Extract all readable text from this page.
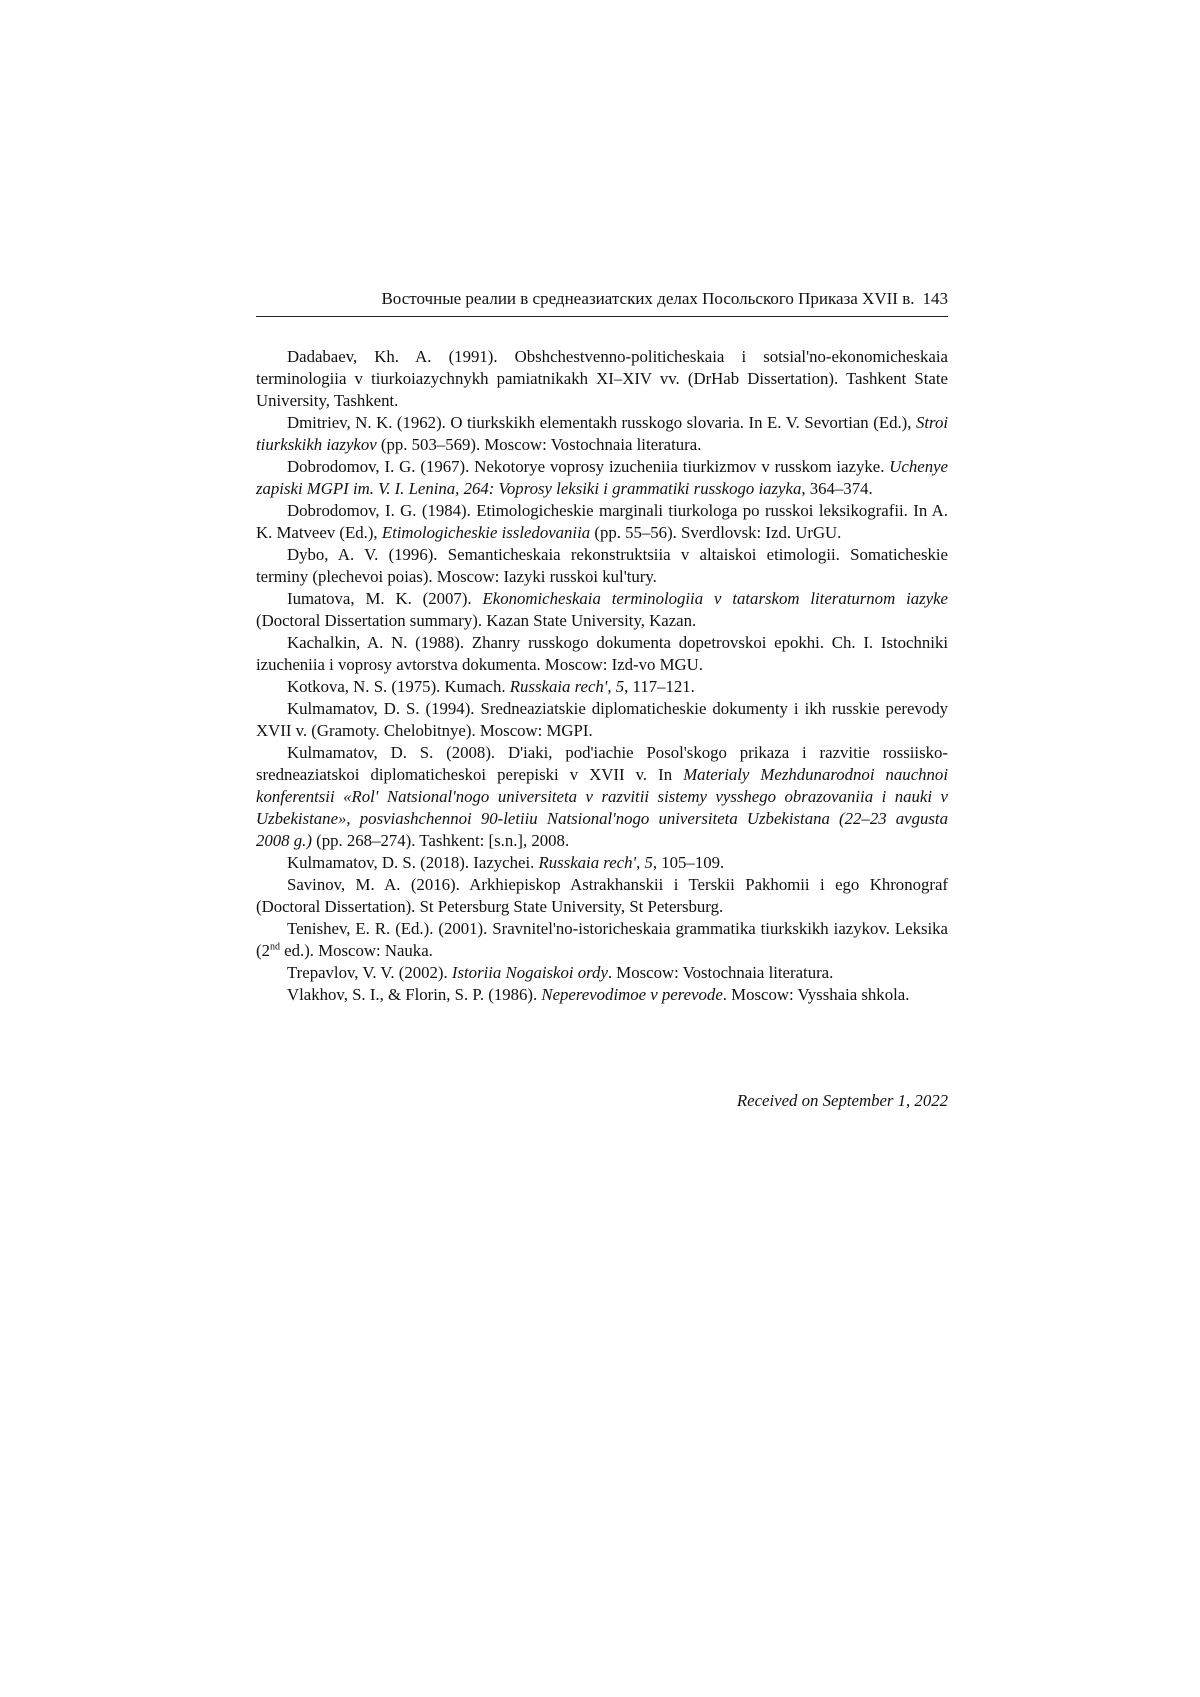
Восточные реалии в среднеазиатских делах Посольского Приказа XVII в. 143

Dadabaev, Kh. A. (1991). Obshchestvenno-politicheskaia i sotsial'no-ekonomicheskaia terminologiia v tiurkoiazychnykh pamiatnikakh XI–XIV vv. (DrHab Dissertation). Tashkent State University, Tashkent.

Dmitriev, N. K. (1962). O tiurkskikh elementakh russkogo slovaria. In E. V. Sevortian (Ed.), Stroi tiurkskikh iazykov (pp. 503–569). Moscow: Vostochnaia literatura.

Dobrodomov, I. G. (1967). Nekotorye voprosy izucheniia tiurkizmov v russkom iazyke. Uchenye zapiski MGPI im. V. I. Lenina, 264: Voprosy leksiki i grammatiki russkogo iazyka, 364–374.

Dobrodomov, I. G. (1984). Etimologicheskie marginali tiurkologa po russkoi leksikografii. In A. K. Matveev (Ed.), Etimologicheskie issledovaniia (pp. 55–56). Sverdlovsk: Izd. UrGU.

Dybo, A. V. (1996). Semanticheskaia rekonstruktsiia v altaiskoi etimologii. Somaticheskie terminy (plechevoi poias). Moscow: Iazyki russkoi kul'tury.

Iumatova, M. K. (2007). Ekonomicheskaia terminologiia v tatarskom literaturnom iazyke (Doctoral Dissertation summary). Kazan State University, Kazan.

Kachalkin, A. N. (1988). Zhanry russkogo dokumenta dopetrovskoi epokhi. Ch. I. Istochniki izucheniia i voprosy avtorstva dokumenta. Moscow: Izd-vo MGU.

Kotkova, N. S. (1975). Kumach. Russkaia rech', 5, 117–121.

Kulmamatov, D. S. (1994). Sredneaziatskie diplomaticheskie dokumenty i ikh russkie perevody XVII v. (Gramoty. Chelobitnye). Moscow: MGPI.

Kulmamatov, D. S. (2008). D'iaki, pod'iachie Posol'skogo prikaza i razvitie rossiisko-sredneaziatskoi diplomaticheskoi perepiski v XVII v. In Materialy Mezhdunarodnoi nauchnoi konferentsii «Rol' Natsional'nogo universiteta v razvitii sistemy vysshego obrazovaniia i nauki v Uzbekistane», posviashchennoi 90-letiiu Natsional'nogo universiteta Uzbekistana (22–23 avgusta 2008 g.) (pp. 268–274). Tashkent: [s.n.], 2008.

Kulmamatov, D. S. (2018). Iazychei. Russkaia rech', 5, 105–109.

Savinov, M. A. (2016). Arkhiepiskop Astrakhanskii i Terskii Pakhomii i ego Khronograf (Doctoral Dissertation). St Petersburg State University, St Petersburg.

Tenishev, E. R. (Ed.). (2001). Sravnitel'no-istoricheskaia grammatika tiurkskikh iazykov. Leksika (2nd ed.). Moscow: Nauka.

Trepavlov, V. V. (2002). Istoriia Nogaiskoi ordy. Moscow: Vostochnaia literatura.

Vlakhov, S. I., & Florin, S. P. (1986). Neperevodimoe v perevode. Moscow: Vysshaia shkola.

Received on September 1, 2022
